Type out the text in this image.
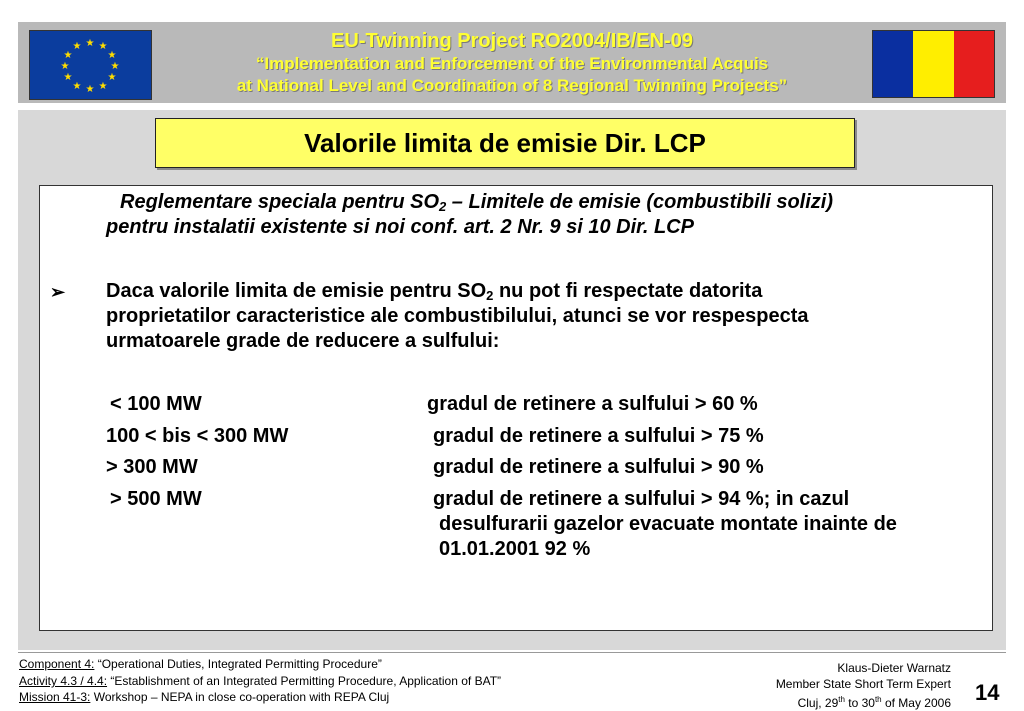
★ ★
★
★
★
★
★
★
★
★
★
★	EU-Twinning Project RO2004/IB/EN-09
“Implementation and Enforcement of the Environmental Acquis
at National Level and Coordination of 8 Regional Twinning Projects”
Valorile limita de emisie Dir. LCP
Reglementare speciala pentru $SO_2$ – Limitele de emisie (combustibili solizi)
pentru instalatii existente si noi conf. art. 2 Nr. 9 si 10 Dir. LCP
➢ Daca valorile limita de emisie pentru $SO_2$ nu pot fi respectate datorita
proprietatilor caracteristice ale combustibilului, atunci se vor respespecta
urmatoarele grade de reducere a sulfului:
< 100 MW	gradul de retinere a sulfului > 60 %
100 < bis < 300 MW	gradul de retinere a sulfului > 75 %
> 300 MW	gradul de retinere a sulfului > 90 %
> 500 MW	gradul de retinere a sulfului > 94 %; in cazul
desulfurarii gazelor evacuate montate inainte de
01.01.2001 92 %
Component 4: “Operational Duties, Integrated Permitting Procedure”
Activity 4.3 / 4.4: “Establishment of an Integrated Permitting Procedure, Application of BAT”
Mission 41-3: Workshop – NEPA in close co-operation with REPA Cluj
Klaus-Dieter Warnatz
Member State Short Term Expert
Cluj, 29th to 30th of May 2006 14
